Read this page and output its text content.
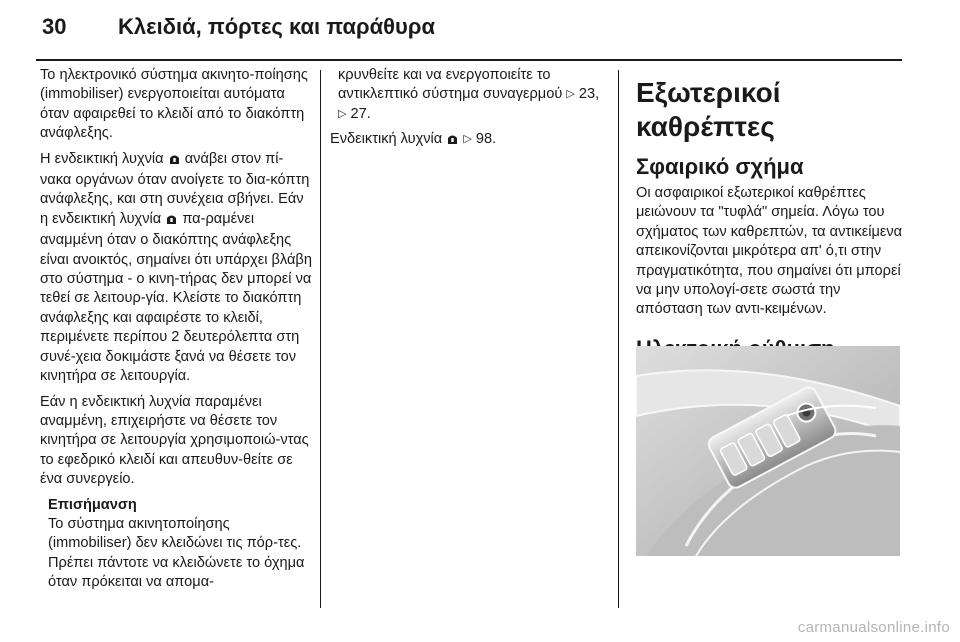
30 Κλειδιά, πόρτες και παράθυρα

Το ηλεκτρονικό σύστημα ακινητο-ποίησης (immobiliser) ενεργοποιείται αυτόματα όταν αφαιρεθεί το κλειδί από το διακόπτη ανάφλεξης.

Η ενδεικτική λυχνία ανάβει στον πί-νακα οργάνων όταν ανοίγετε το δια-κόπτη ανάφλεξης, και στη συνέχεια σβήνει. Εάν η ενδεικτική λυχνία πα-ραμένει αναμμένη όταν ο διακόπτης ανάφλεξης είναι ανοικτός, σημαίνει ότι υπάρχει βλάβη στο σύστημα - ο κινη-τήρας δεν μπορεί να τεθεί σε λειτουρ-γία. Κλείστε το διακόπτη ανάφλεξης και αφαιρέστε το κλειδί, περιμένετε περίπου 2 δευτερόλεπτα στη συνέ-χεια δοκιμάστε ξανά να θέσετε τον κινητήρα σε λειτουργία.

Εάν η ενδεικτική λυχνία παραμένει αναμμένη, επιχειρήστε να θέσετε τον κινητήρα σε λειτουργία χρησιμοποιώ-ντας το εφεδρικό κλειδί και απευθυν-θείτε σε ένα συνεργείο.

Επισήμανση
Το σύστημα ακινητοποίησης (immobiliser) δεν κλειδώνει τις πόρ-τες. Πρέπει πάντοτε να κλειδώνετε το όχημα όταν πρόκειται να απομα-

κρυνθείτε και να ενεργοποιείτε το αντικλεπτικό σύστημα συναγερμού ▷ 23, ▷ 27.

Ενδεικτική λυχνία ▷ 98.

Εξωτερικοί καθρέπτες
Σφαιρικό σχήμα

Οι ασφαιρικοί εξωτερικοί καθρέπτες μειώνουν τα "τυφλά" σημεία. Λόγω του σχήματος των καθρεπτών, τα αντικείμενα απεικονίζονται μικρότερα απ' ό,τι στην πραγματικότητα, που σημαίνει ότι μπορεί να μην υπολογί-σετε σωστά την απόσταση των αντι-κειμένων.

carmanualsonline.info
